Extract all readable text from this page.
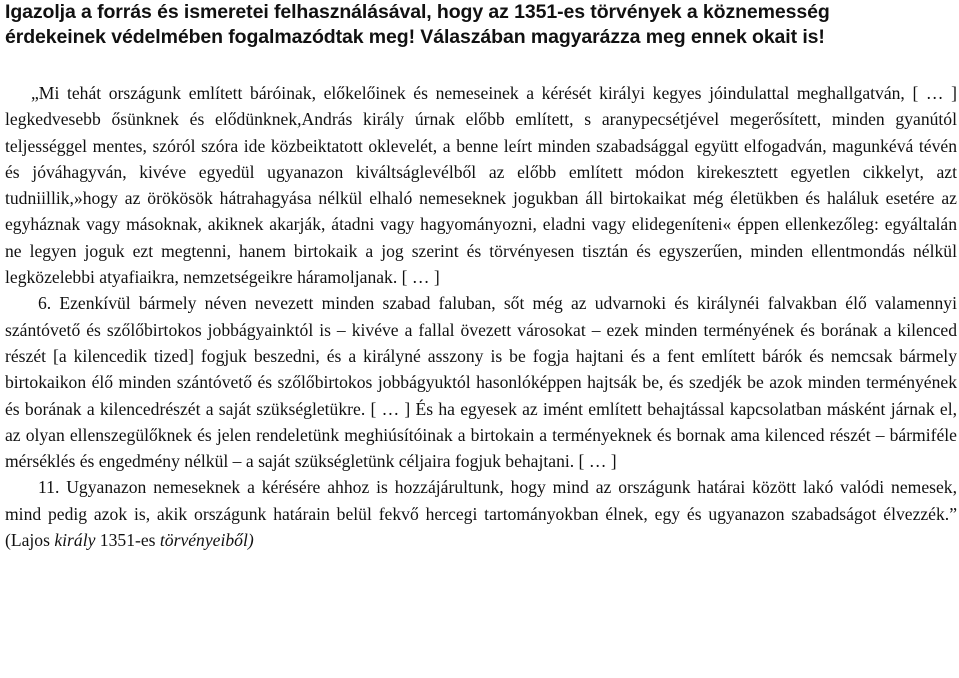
Igazolja a forrás és ismeretei felhasználásával, hogy az 1351-es törvények a köznemesség
érdekeinek védelmében fogalmazódtak meg! Válaszában magyarázza meg ennek okait is!

„Mi tehát országunk említett báróinak, előkelőinek és nemeseinek a kérését királyi kegyes jóindulattal meghallgatván, [ … ] legkedvesebb ősünknek és elődünknek,András király úrnak előbb említett, s aranypecsétjével megerősített, minden gyanútól teljességgel mentes, szóról szóra ide közbeiktatott oklevelét, a benne leírt minden szabadsággal együtt elfogadván, magunkévá tévén és jóváhagyván, kivéve egyedül ugyanazon kiváltságlevélből az előbb említett módon kirekesztett egyetlen cikkelyt, azt tudniillik,»hogy az örökösök hátrahagyása nélkül elhaló nemeseknek jogukban áll birtokaikat még életükben és haláluk esetére az egyháznak vagy másoknak, akiknek akarják, átadni vagy hagyományozni, eladni vagy elidegeníteni« éppen ellenkezőleg: egyáltalán ne legyen joguk ezt megtenni, hanem birtokaik a jog szerint és törvényesen tisztán és egyszerűen, minden ellentmondás nélkül legközelebbi atyafiaikra, nemzetségeikre háramoljanak. [ … ]

6. Ezenkívül bármely néven nevezett minden szabad faluban, sőt még az udvarnoki és királynéi falvakban élő valamennyi szántóvető és szőlőbirtokos jobbágyainktól is – kivéve a fallal övezett városokat – ezek minden terményének és borának a kilenced részét [a kilencedik tized] fogjuk beszedni, és a királyné asszony is be fogja hajtani és a fent említett bárók és nemcsak bármely birtokaikon élő minden szántóvető és szőlőbirtokos jobbágyuktól hasonlóképpen hajtsák be, és szedjék be azok minden terményének és borának a kilencedrészét a saját szükségletükre. [ … ] És ha egyesek az imént említett behajtással kapcsolatban másként járnak el, az olyan ellenszegülőknek és jelen rendeletünk meghiúsítóinak a birtokain a terményeknek és bornak ama kilenced részét – bármiféle mérséklés és engedmény nélkül – a saját szükségletünk céljaira fogjuk behajtani. [ … ]

11. Ugyanazon nemeseknek a kérésére ahhoz is hozzájárultunk, hogy mind az országunk határai között lakó valódi nemesek, mind pedig azok is, akik országunk határain belül fekvő hercegi tartományokban élnek, egy és ugyanazon szabadságot élvezzék.” (Lajos király 1351-es törvényeiből)
